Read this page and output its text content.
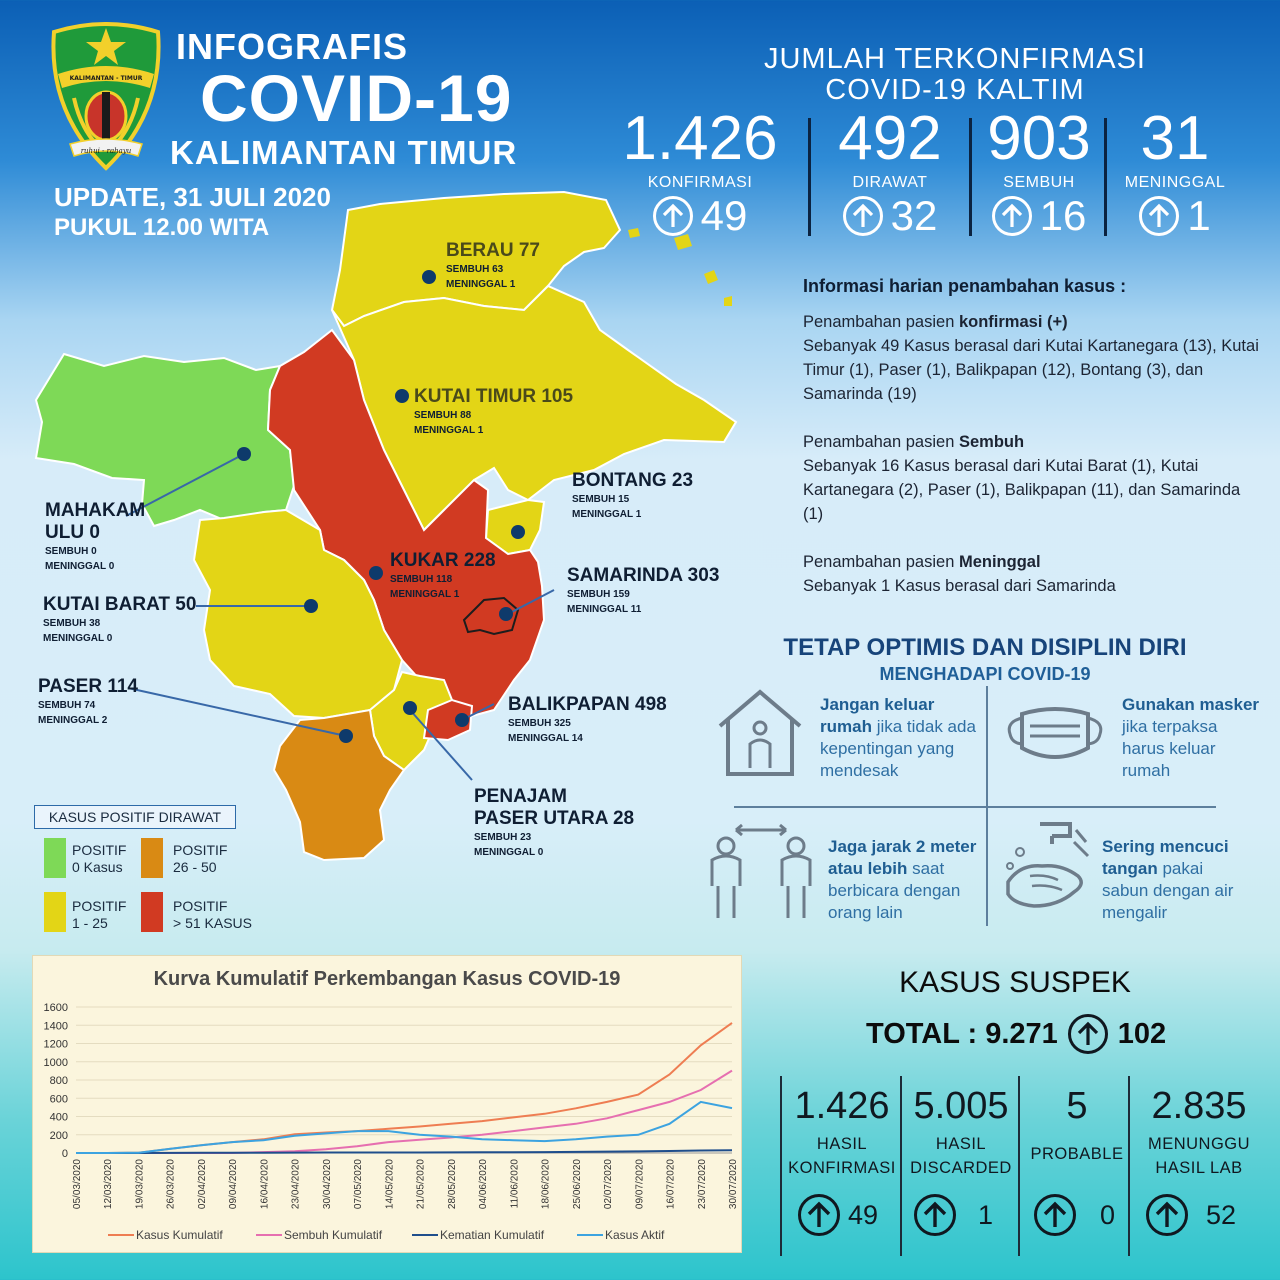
KALIMANTAN - TIMUR
ruhui - rahayu
INFOGRAFIS
COVID-19
KALIMANTAN TIMUR
UPDATE, 31 JULI 2020
PUKUL 12.00 WITA
JUMLAH TERKONFIRMASI
COVID-19 KALTIM
1.426
KONFIRMASI
49
492
DIRAWAT
32
903
SEMBUH
16
31
MENINGGAL
1
BERAU 77
SEMBUH 63
MENINGGAL 1
KUTAI TIMUR 105
SEMBUH 88
MENINGGAL 1
BONTANG 23
SEMBUH 15
MENINGGAL 1
SAMARINDA 303
SEMBUH 159
MENINGGAL 11
KUKAR 228
SEMBUH 118
MENINGGAL 1
MAHAKAM
ULU 0
SEMBUH 0
MENINGGAL 0
KUTAI BARAT 50
SEMBUH 38
MENINGGAL 0
PASER 114
SEMBUH 74
MENINGGAL 2
BALIKPAPAN 498
SEMBUH 325
MENINGGAL 14
PENAJAM
PASER UTARA 28
SEMBUH 23
MENINGGAL 0
KASUS POSITIF DIRAWAT
POSITIF
0 Kasus
POSITIF
26 - 50
POSITIF
1 - 25
POSITIF
> 51 KASUS
Informasi harian penambahan kasus :
Penambahan pasien konfirmasi (+)
Sebanyak 49 Kasus berasal dari Kutai Kartanegara (13), Kutai Timur (1), Paser (1), Balikpapan (12), Bontang (3), dan Samarinda (19)
Penambahan pasien Sembuh
Sebanyak 16 Kasus berasal dari Kutai Barat (1), Kutai Kartanegara (2), Paser (1), Balikpapan (11), dan Samarinda (1)
Penambahan pasien Meninggal
Sebanyak 1 Kasus berasal dari Samarinda
TETAP OPTIMIS DAN DISIPLIN DIRI
MENGHADAPI COVID-19
Jangan keluar rumah jika tidak ada kepentingan yang mendesak
Gunakan masker jika terpaksa harus keluar rumah
Jaga jarak 2 meter atau lebih saat berbicara dengan orang lain
Sering mencuci tangan pakai sabun dengan air mengalir
Kurva Kumulatif Perkembangan Kasus COVID-19
0
200
400
600
800
1000
1200
1400
1600
05/03/2020 12/03/2020 19/03/2020 26/03/2020 02/04/2020 09/04/2020 16/04/2020 23/04/2020 30/04/2020 07/05/2020 14/05/2020 21/05/2020 28/05/2020 04/06/2020 11/06/2020 18/06/2020 25/06/2020 02/07/2020 09/07/2020 16/07/2020 23/07/2020 30/07/2020
Kasus Kumulatif	Sembuh Kumulatif	Kematian Kumulatif	Kasus Aktif
KASUS SUSPEK
TOTAL : 9.271 102
1.426
HASIL
KONFIRMASI
5.005
HASIL
DISCARDED
5
PROBABLE
2.835
MENUNGGU
HASIL LAB
49	1	0	52
